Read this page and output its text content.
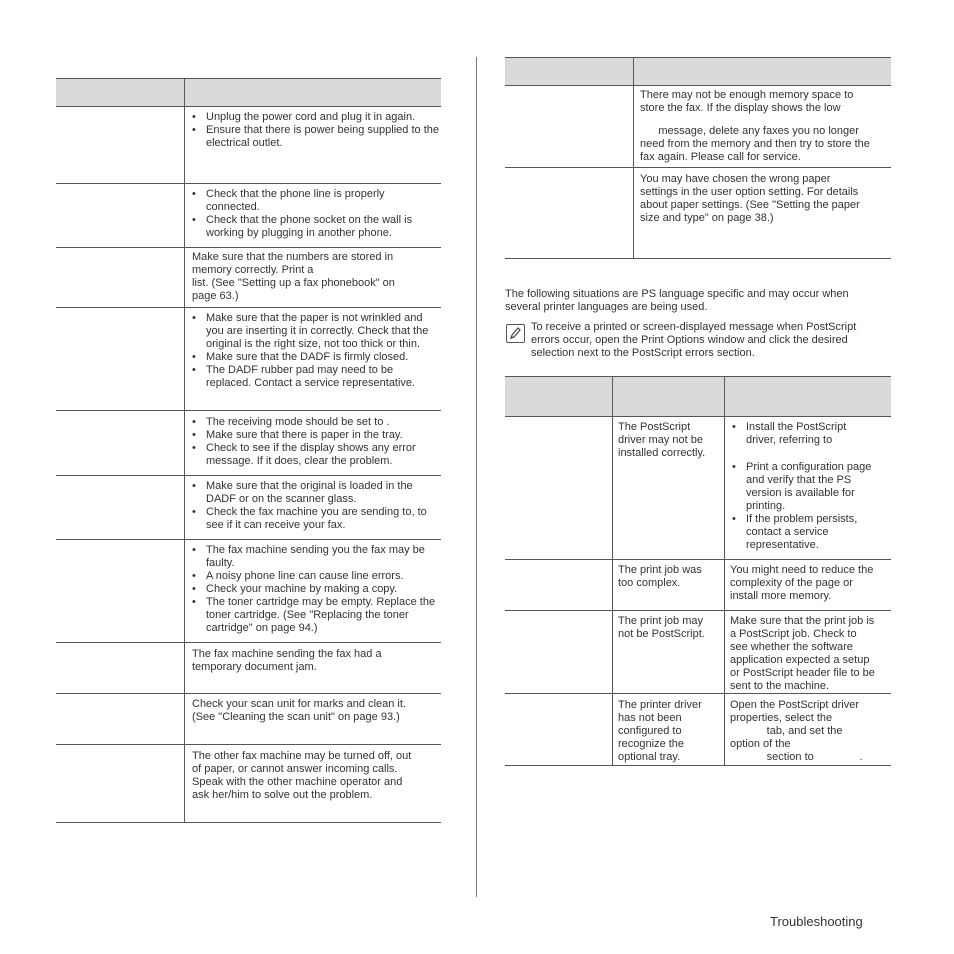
• Unplug the power cord and plug it in again.
• Ensure that there is power being supplied to the electrical outlet.
• Check that the phone line is properly connected.
• Check that the phone socket on the wall is working by plugging in another phone.
Make sure that the numbers are stored in
memory correctly. Print a
list. (See "Setting up a fax phonebook" on
page 63.)
• Make sure that the paper is not wrinkled and you are inserting it in correctly. Check that the original is the right size, not too thick or thin.
• Make sure that the DADF is firmly closed.
• The DADF rubber pad may need to be replaced. Contact a service representative.
• The receiving mode should be set to .
• Make sure that there is paper in the tray.
• Check to see if the display shows any error message. If it does, clear the problem.
• Make sure that the original is loaded in the DADF or on the scanner glass.
• Check the fax machine you are sending to, to see if it can receive your fax.
• The fax machine sending you the fax may be faulty.
• A noisy phone line can cause line errors.
• Check your machine by making a copy.
• The toner cartridge may be empty. Replace the toner cartridge. (See "Replacing the toner cartridge" on page 94.)
The fax machine sending the fax had a
temporary document jam.
Check your scan unit for marks and clean it.
(See "Cleaning the scan unit" on page 93.)
The other fax machine may be turned off, out
of paper, or cannot answer incoming calls.
Speak with the other machine operator and
ask her/him to solve out the problem.
There may not be enough memory space to
store the fax. If the display shows the low
message, delete any faxes you no longer
need from the memory and then try to store the
fax again. Please call for service.
You may have chosen the wrong paper
settings in the user option setting. For details
about paper settings. (See "Setting the paper
size and type" on page 38.)
The following situations are PS language specific and may occur when
several printer languages are being used.
To receive a printed or screen-displayed message when PostScript
errors occur, open the Print Options window and click the desired
selection next to the PostScript errors section.
The PostScript
driver may not be
installed correctly.
• Install the PostScript
driver, referring to
• Print a configuration page
and verify that the PS
version is available for
printing.
• If the problem persists,
contact a service
representative.
The print job was
too complex.
You might need to reduce the
complexity of the page or
install more memory.
The print job may
not be PostScript.
Make sure that the print job is
a PostScript job. Check to
see whether the software
application expected a setup
or PostScript header file to be
sent to the machine.
The printer driver
has not been
configured to
recognize the
optional tray.
Open the PostScript driver
properties, select the
tab, and set the
option of the
section to               .
Troubleshooting
